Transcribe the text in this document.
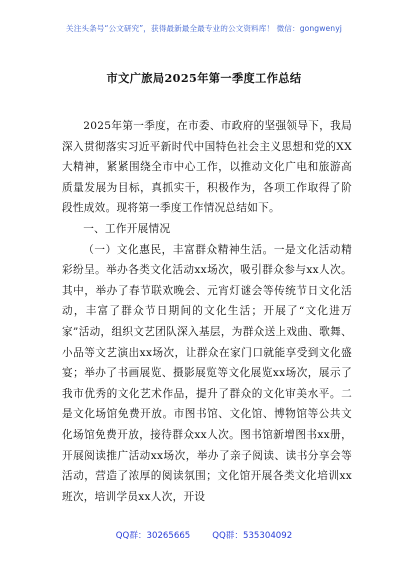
关注头条号“公文研究”，获得最新最全最专业的公文资料库！ 微信：gongwenyj
市文广旅局2025年第一季度工作总结

2025年第一季度，在市委、市政府的坚强领导下，我局深入贯彻落实习近平新时代中国特色社会主义思想和党的XX大精神，紧紧围绕全市中心工作，以推动文化广电和旅游高质量发展为目标，真抓实干，积极作为，各项工作取得了阶段性成效。现将第一季度工作情况总结如下。

一、工作开展情况

（一）文化惠民，丰富群众精神生活。一是文化活动精彩纷呈。举办各类文化活动xx场次，吸引群众参与xx人次。其中，举办了春节联欢晚会、元宵灯谜会等传统节日文化活动，丰富了群众节日期间的文化生活；开展了“文化进万家”活动，组织文艺团队深入基层，为群众送上戏曲、歌舞、小品等文艺演出xx场次，让群众在家门口就能享受到文化盛宴；举办了书画展览、摄影展览等文化展览xx场次，展示了我市优秀的文化艺术作品，提升了群众的文化审美水平。二是文化场馆免费开放。市图书馆、文化馆、博物馆等公共文化场馆免费开放，接待群众xx人次。图书馆新增图书xx册，开展阅读推广活动xx场次，举办了亲子阅读、读书分享会等活动，营造了浓厚的阅读氛围；文化馆开展各类文化培训xx班次，培训学员xx人次，开设

QQ群：30265665	QQ群：535304092
